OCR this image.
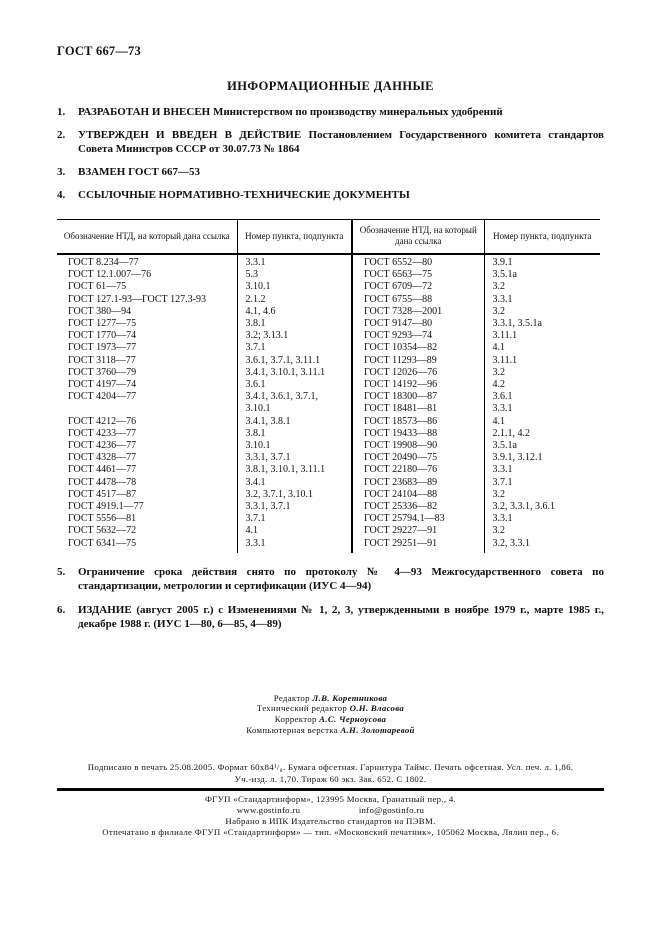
ГОСТ 667—73
ИНФОРМАЦИОННЫЕ ДАННЫЕ
1.	РАЗРАБОТАН И ВНЕСЕН Министерством по производству минеральных удобрений
2.	УТВЕРЖДЕН И ВВЕДЕН В ДЕЙСТВИЕ Постановлением Государственного комитета стандартов Совета Министров СССР от 30.07.73 № 1864
3.	ВЗАМЕН ГОСТ 667—53
4.	ССЫЛОЧНЫЕ НОРМАТИВНО-ТЕХНИЧЕСКИЕ ДОКУМЕНТЫ
Обозначение НТД, на который дана ссылка	Номер пункта, подпункта	Обозначение НТД, на который дана ссылка	Номер пункта, подпункта
ГОСТ 8.234—77	3.3.1	ГОСТ 6552—80	3.9.1
ГОСТ 12.1.007—76	5.3	ГОСТ 6563—75	3.5.1а
ГОСТ 61—75	3.10.1	ГОСТ 6709—72	3.2
ГОСТ 127.1-93—ГОСТ 127.3-93	2.1.2	ГОСТ 6755—88	3.3.1
ГОСТ 380—94	4.1, 4.6	ГОСТ 7328—2001	3.2
ГОСТ 1277—75	3.8.1	ГОСТ 9147—80	3.3.1, 3.5.1а
ГОСТ 1770—74	3.2; 3.13.1	ГОСТ 9293—74	3.11.1
ГОСТ 1973—77	3.7.1	ГОСТ 10354—82	4.1
ГОСТ 3118—77	3.6.1, 3.7.1, 3.11.1	ГОСТ 11293—89	3.11.1
ГОСТ 3760—79	3.4.1, 3.10.1, 3.11.1	ГОСТ 12026—76	3.2
ГОСТ 4197—74	3.6.1	ГОСТ 14192—96	4.2
ГОСТ 4204—77	3.4.1, 3.6.1, 3.7.1,	ГОСТ 18300—87	3.6.1
	3.10.1	ГОСТ 18481—81	3.3.1
ГОСТ 4212—76	3.4.1, 3.8.1	ГОСТ 18573—86	4.1
ГОСТ 4233—77	3.8.1	ГОСТ 19433—88	2.1.1, 4.2
ГОСТ 4236—77	3.10.1	ГОСТ 19908—90	3.5.1а
ГОСТ 4328—77	3.3.1, 3.7.1	ГОСТ 20490—75	3.9.1, 3.12.1
ГОСТ 4461—77	3.8.1, 3.10.1, 3.11.1	ГОСТ 22180—76	3.3.1
ГОСТ 4478—78	3.4.1	ГОСТ 23683—89	3.7.1
ГОСТ 4517—87	3.2, 3.7.1, 3.10.1	ГОСТ 24104—88	3.2
ГОСТ 4919.1—77	3.3.1, 3.7.1	ГОСТ 25336—82	3.2, 3.3.1, 3.6.1
ГОСТ 5556—81	3.7.1	ГОСТ 25794.1—83	3.3.1
ГОСТ 5632—72	4.1	ГОСТ 29227—91	3.2
ГОСТ 6341—75	3.3.1	ГОСТ 29251—91	3.2, 3.3.1
5.	Ограничение срока действия снято по протоколу № 4—93 Межгосударственного совета по стандартизации, метрологии и сертификации (ИУС 4—94)
6.	ИЗДАНИЕ (август 2005 г.) с Изменениями № 1, 2, 3, утвержденными в ноябре 1979 г., марте 1985 г., декабре 1988 г. (ИУС 1—80, 6—85, 4—89)
Редактор Л.В. Коретникова
Технический редактор О.Н. Власова
Корректор А.С. Черноусова
Компьютерная верстка А.Н. Золотаревой
Подписано в печать 25.08.2005. Формат 60х84¹/₈. Бумага офсетная. Гарнитура Таймс. Печать офсетная. Усл. печ. л. 1,86.
Уч.-изд. л. 1,70. Тираж 60 экз. Зак. 652. С 1802.
ФГУП «Стандартинформ», 123995 Москва, Гранатный пер., 4.
www.gostinfo.ru	info@gostinfo.ru
Набрано в ИПК Издательство стандартов на ПЭВМ.
Отпечатано в филиале ФГУП «Стандартинформ» — тип. «Московский печатник», 105062 Москва, Лялин пер., 6.
